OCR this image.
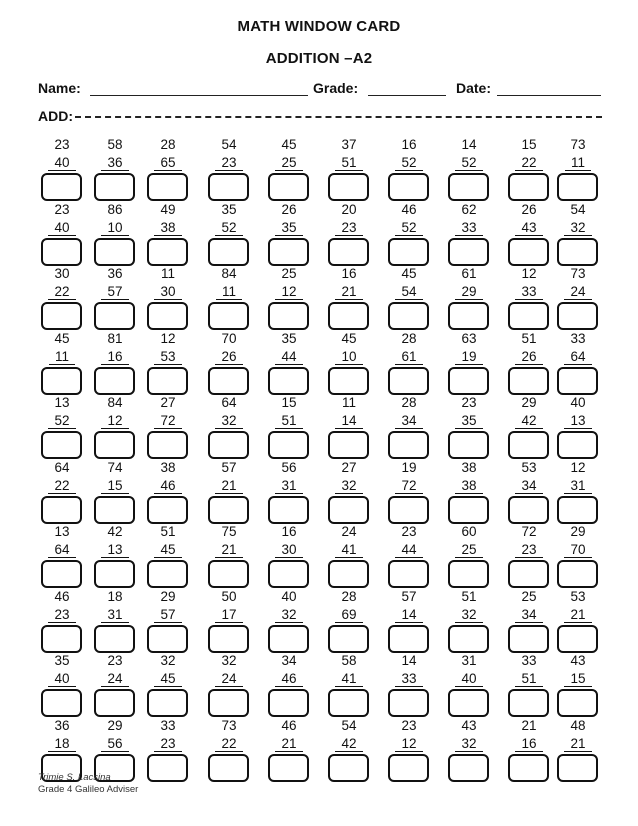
MATH WINDOW CARD
ADDITION –A2
Name:	Grade:	Date:
ADD:
23
40
58
36
28
65
54
23
45
25
37
51
16
52
14
52
15
22
73
11
23
40
86
10
49
38
35
52
26
35
20
23
46
52
62
33
26
43
54
32
30
22
36
57
11
30
84
11
25
12
16
21
45
54
61
29
12
33
73
24
45
11
81
16
12
53
70
26
35
44
45
10
28
61
63
19
51
26
33
64
13
52
84
12
27
72
64
32
15
51
11
14
28
34
23
35
29
42
40
13
64
22
74
15
38
46
57
21
56
31
27
32
19
72
38
38
53
34
12
31
13
64
42
13
51
45
75
21
16
30
24
41
23
44
60
25
72
23
29
70
46
23
18
31
29
57
50
17
40
32
28
69
57
14
51
32
25
34
53
21
35
40
23
24
32
45
32
24
34
46
58
41
14
33
31
40
33
51
43
15
36
18
29
56
33
23
73
22
46
21
54
42
23
12
43
32
21
16
48
21
Trimie S. Lacsina
Grade 4 Galileo Adviser
